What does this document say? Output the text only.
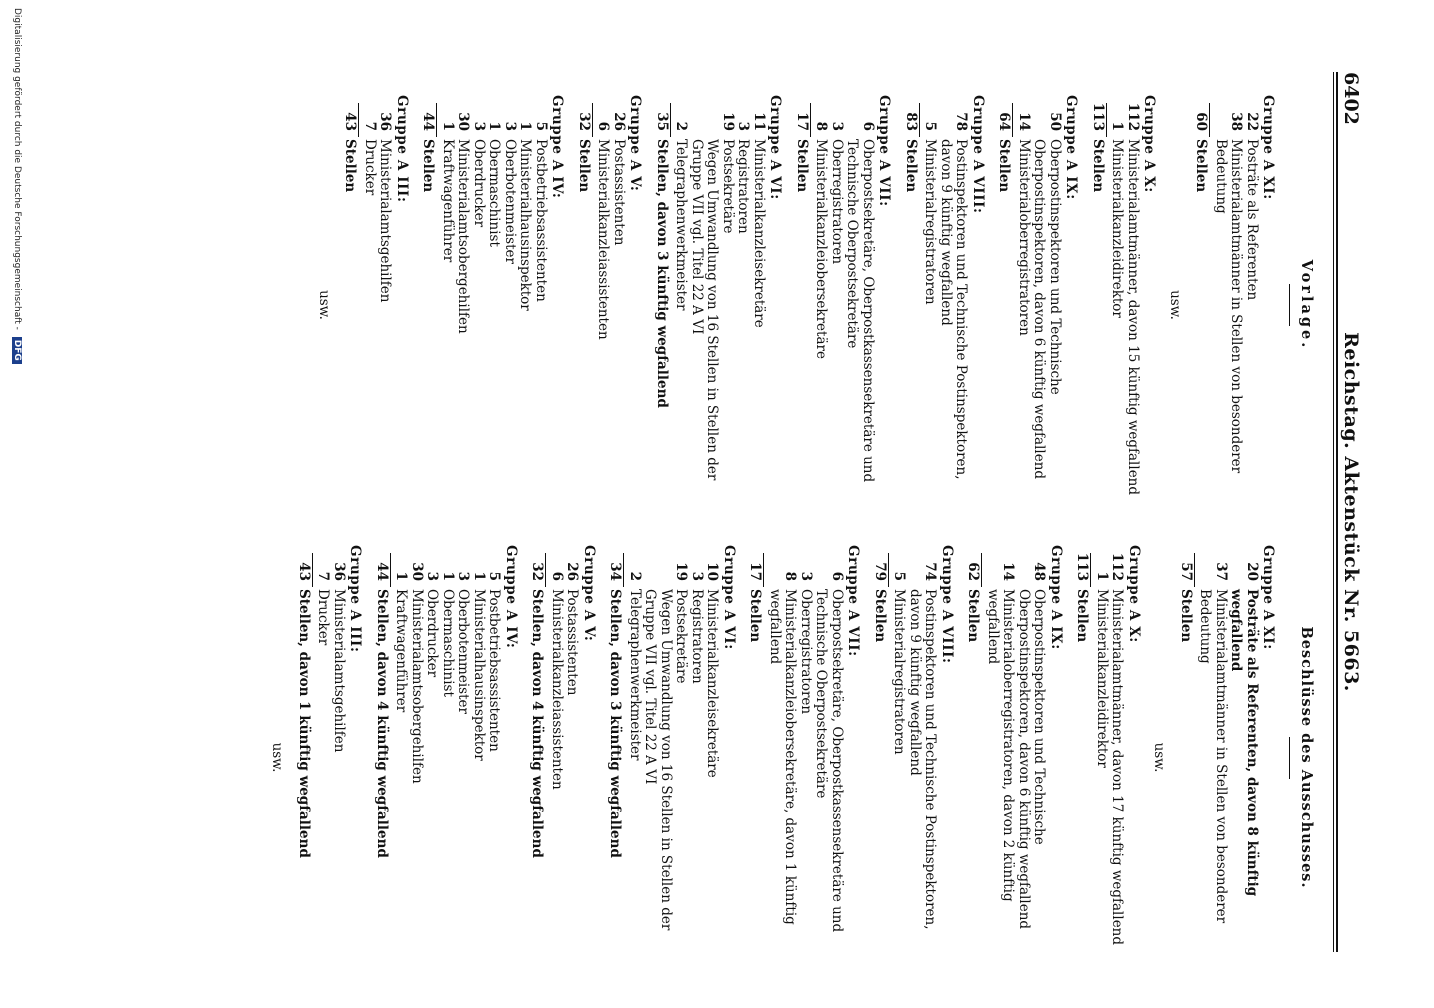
6402
Reichstag. Aktenstück Nr. 5663.
Vorlage.
Gruppe A XI:
22
Posträte als Referenten
38
Ministerialamtmänner in Stellen von besonderer Bedeutung
60
Stellen
usw.
Gruppe A X:
112
Ministerialamtmänner, davon 15 künftig wegfallend
1
Ministerialkanzleidirektor
113
Stellen
Gruppe A IX:
50
Oberpostinspektoren und Technische Oberpostinspektoren, davon 6 künftig wegfallend
14
Ministerialoberregistratoren
64
Stellen
Gruppe A VIII:
78
Postinspektoren und Technische Postinspektoren, davon 9 künftig wegfallend
5
Ministerialregistratoren
83
Stellen
Gruppe A VII:
6
Oberpostsekretäre, Oberpostkassensekretäre und Technische Oberpostsekretäre
3
Oberregistratoren
8
Ministerialkanzleiobersekretäre
17
Stellen
Gruppe A VI:
11
Ministerialkanzleisekretäre
3
Registratoren
19
Postsekretäre
Wegen Umwandlung von 16 Stellen in Stellen der Gruppe VII vgl. Titel 22 A VI
2
Telegraphenwerkmeister
35
Stellen, davon 3 künftig wegfallend
Gruppe A V:
26
Postassistenten
6
Ministerialkanzleiassistenten
32
Stellen
Gruppe A IV:
5
Postbetriebsassistenten
1
Ministerialhausinspektor
3
Oberbotenmeister
1
Obermaschinist
3
Oberdrucker
30
Ministerialamtsobergehilfen
1
Kraftwagenführer
44
Stellen
Gruppe A III:
36
Ministerialamtsgehilfen
7
Drucker
43
Stellen
usw.
Beschlüsse des Ausschusses.
Gruppe A XI:
20
Posträte als Referenten, davon 8 künftig wegfallend
37
Ministerialamtmänner in Stellen von besonderer Bedeutung
57
Stellen
usw.
Gruppe A X:
112
Ministerialamtmänner, davon 17 künftig wegfallend
1
Ministerialkanzleidirektor
113
Stellen
Gruppe A IX:
48
Oberpostinspektoren und Technische Oberpostinspektoren, davon 6 künftig wegfallend
14
Ministerialoberregistratoren, davon 2 künftig wegfallend
62
Stellen
Gruppe A VIII:
74
Postinspektoren und Technische Postinspektoren, davon 9 künftig wegfallend
5
Ministerialregistratoren
79
Stellen
Gruppe A VII:
6
Oberpostsekretäre, Oberpostkassensekretäre und Technische Oberpostsekretäre
3
Oberregistratoren
8
Ministerialkanzleiobersekretäre, davon 1 künftig wegfallend
17
Stellen
Gruppe A VI:
10
Ministerialkanzleisekretäre
3
Registratoren
19
Postsekretäre
Wegen Umwandlung von 16 Stellen in Stellen der Gruppe VII vgl. Titel 22 A VI
2
Telegraphenwerkmeister
34
Stellen, davon 3 künftig wegfallend
Gruppe A V:
26
Postassistenten
6
Ministerialkanzleiassistenten
32
Stellen, davon 4 künftig wegfallend
Gruppe A IV:
5
Postbetriebsassistenten
1
Ministerialhausinspektor
3
Oberbotenmeister
1
Obermaschinist
3
Oberdrucker
30
Ministerialamtsobergehilfen
1
Kraftwagenführer
44
Stellen, davon 4 künftig wegfallend
Gruppe A III:
36
Ministerialamtsgehilfen
7
Drucker
43
Stellen, davon 1 künftig wegfallend
usw.
Digitalisierung gefördert durch die Deutsche Forschungsgemeinschaft - DFG
